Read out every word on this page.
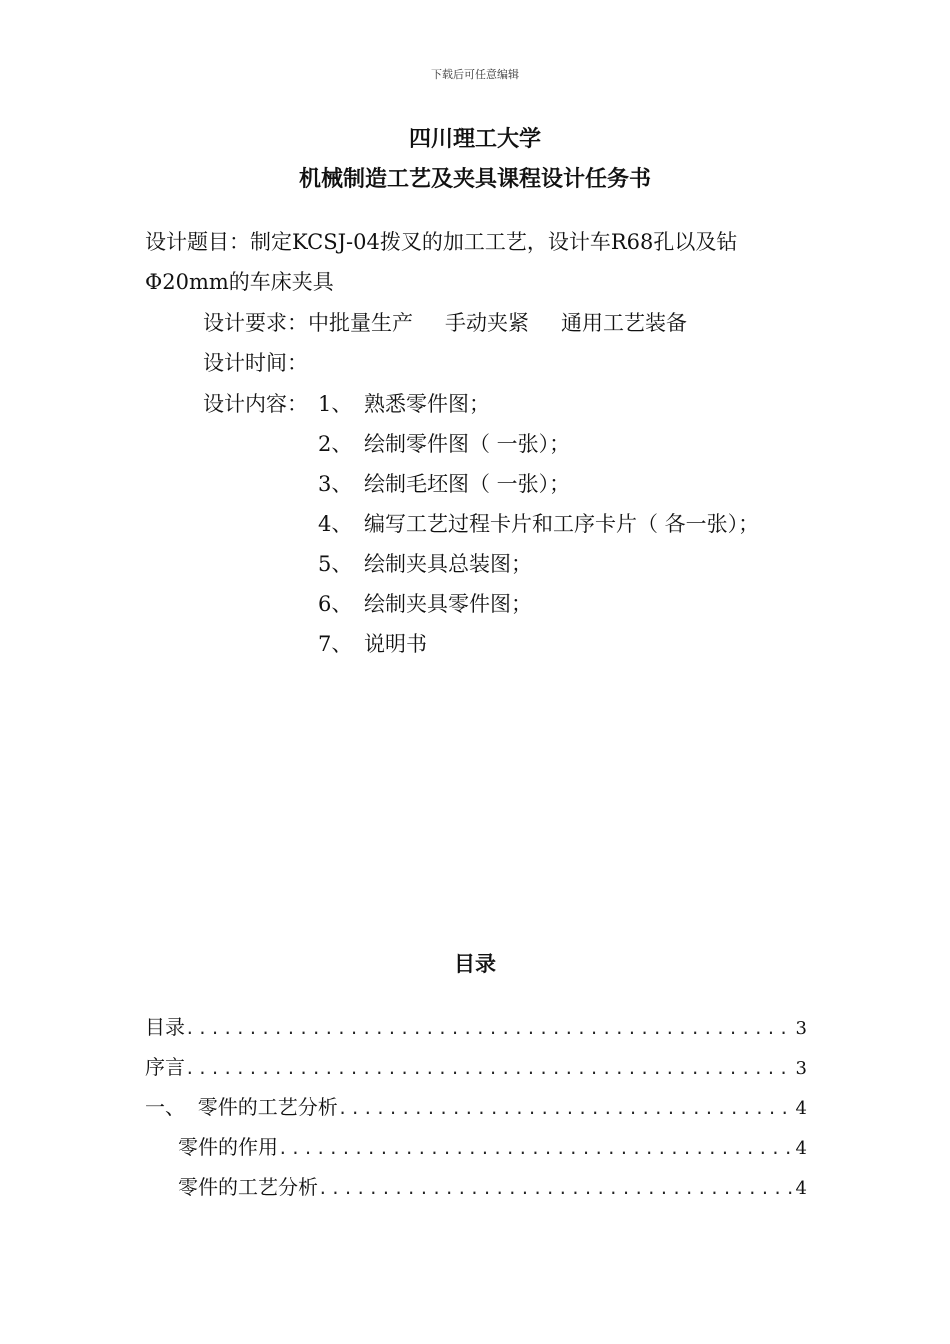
下载后可任意编辑
四川理工大学
机械制造工艺及夹具课程设计任务书
设计题目：制定KCSJ-04拨叉的加工工艺，设计车R68孔以及钻
Φ20mm的车床夹具
设计要求：中批量生产 手动夹紧 通用工艺装备
设计时间：
设计内容： 1、 熟悉零件图；
2、 绘制零件图（ 一张）；
3、 绘制毛坯图（ 一张）；
4、 编写工艺过程卡片和工序卡片（ 各一张）；
5、 绘制夹具总装图；
6、 绘制夹具零件图；
7、 说明书
目录
目录 .....	3
序言 .....	3
一、  零件的工艺分析 .....	4
零件的作用 .....	4
零件的工艺分析 .....	4
